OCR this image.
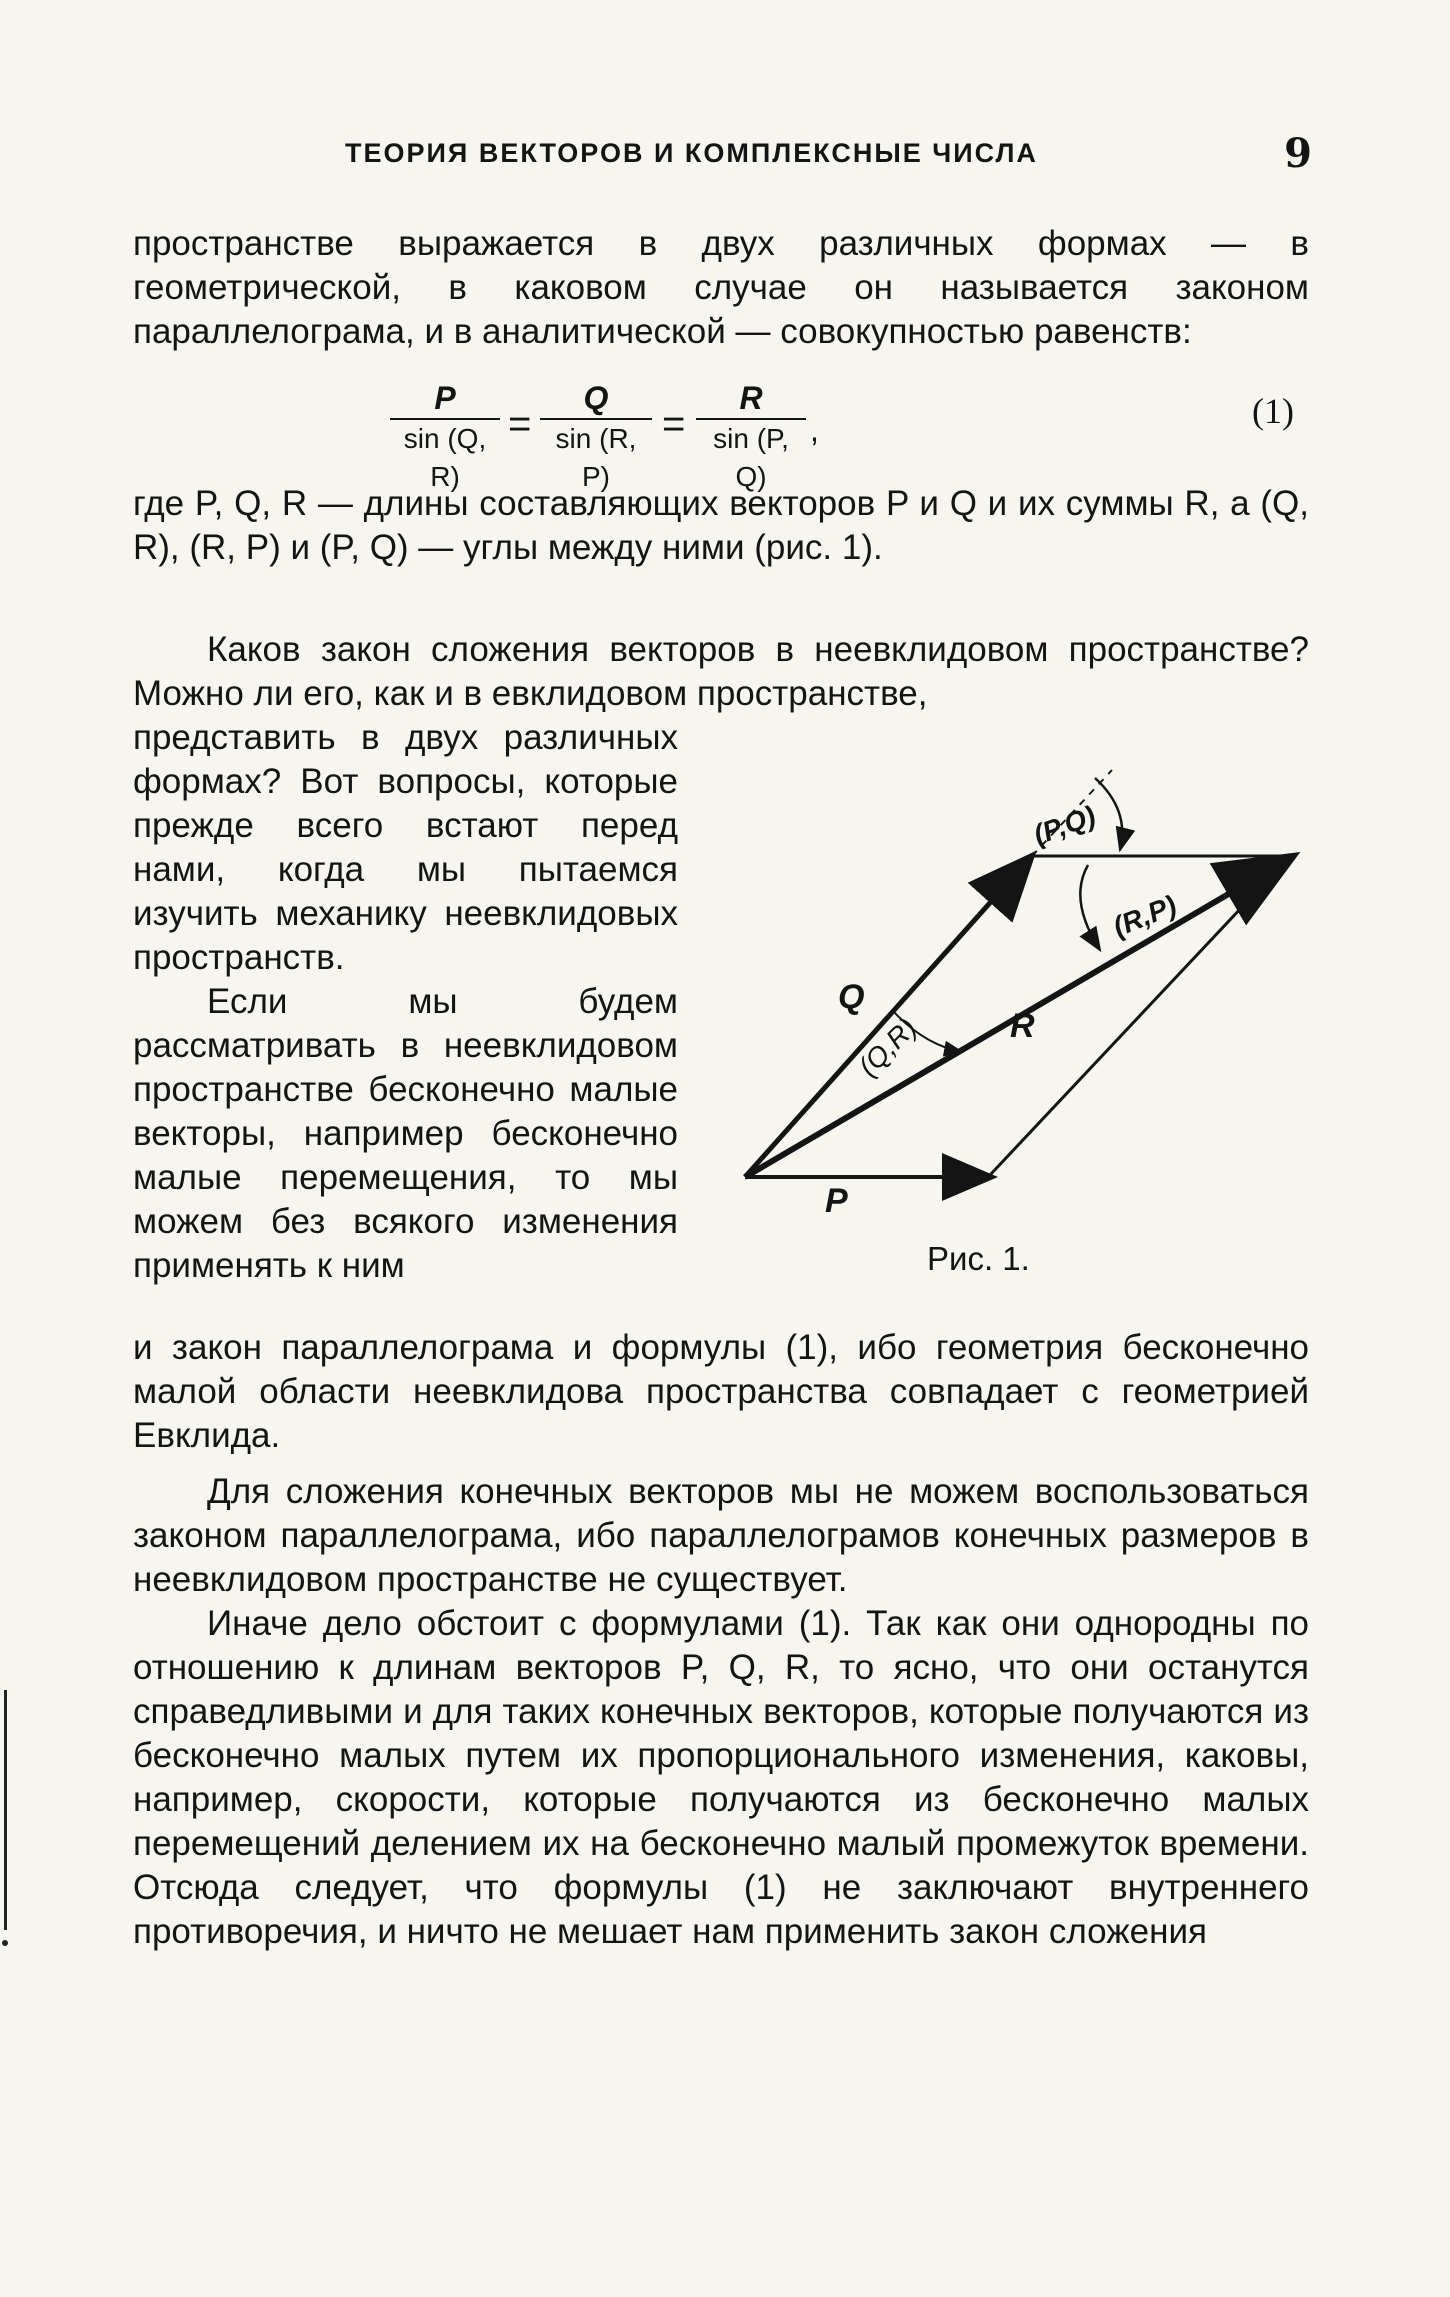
ТЕОРИЯ ВЕКТОРОВ И КОМПЛЕКСНЫЕ ЧИСЛА	9
пространстве выражается в двух различных формах — в геометрической, в каковом случае он называется законом параллелограма, и в аналитической — совокупностью равенств:
P
sin (Q, R)
=
Q
sin (R, P)
=
R
sin (P, Q)
,	(1)
где P, Q, R — длины составляющих векторов P и Q и их суммы R, а (Q, R), (R, P) и (P, Q) — углы между ними (рис. 1).
Каков закон сложения векторов в неевклидовом пространстве? Можно ли его, как и в евклидовом пространстве,

представить в двух различных формах? Вот вопросы, которые прежде всего встают перед нами, когда мы пытаемся изучить механику неевклидовых пространств.

Если мы будем рассматривать в неевклидовом пространстве бесконечно малые векторы, например бесконечно малые перемещения, то мы можем без всякого изменения применять к ним

Q
P
R
(Q,R)
(P,Q)
(R,P)
Рис. 1.
и закон параллелограма и формулы (1), ибо геометрия бесконечно малой области неевклидова пространства совпадает с геометрией Евклида.
Для сложения конечных векторов мы не можем воспользоваться законом параллелограма, ибо параллелограмов конечных размеров в неевклидовом пространстве не существует.
Иначе дело обстоит с формулами (1). Так как они однородны по отношению к длинам векторов P, Q, R, то ясно, что они останутся справедливыми и для таких конечных векторов, которые получаются из бесконечно малых путем их пропорционального изменения, каковы, например, скорости, которые получаются из бесконечно малых перемещений делением их на бесконечно малый промежуток времени. Отсюда следует, что формулы (1) не заключают внутреннего противоречия, и ничто не мешает нам применить закон сложения
